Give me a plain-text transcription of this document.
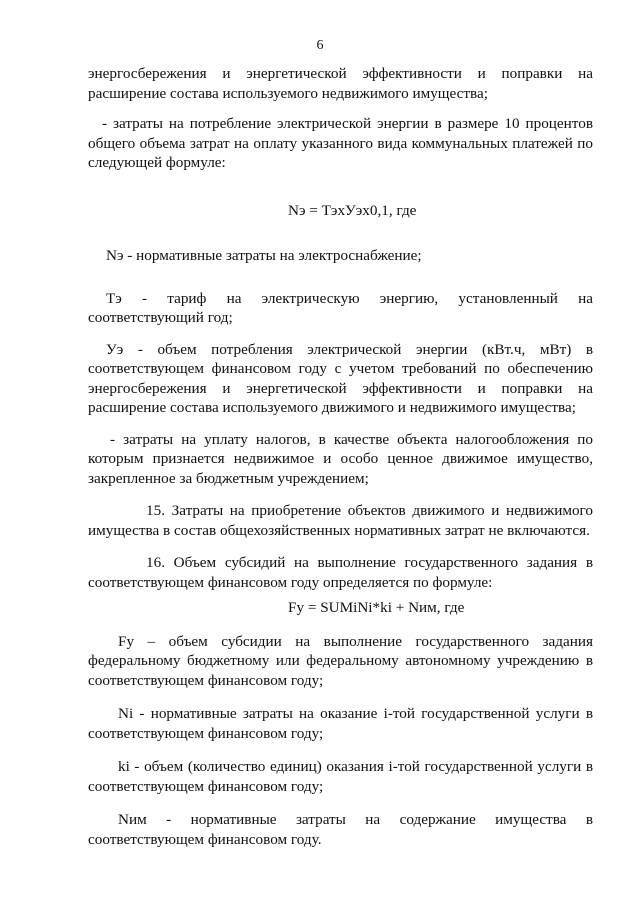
6

энергосбережения и энергетической эффективности и поправки на расширение состава используемого недвижимого имущества;

- затраты на потребление электрической энергии в размере 10 процентов общего объема затрат на оплату указанного вида коммунальных платежей по следующей формуле:

Nэ = TэxУэx0,1, где

Nэ - нормативные затраты на электроснабжение;

Tэ - тариф на электрическую энергию, установленный на соответствующий год;

Уэ - объем потребления электрической энергии (кВт.ч, мВт) в соответствующем финансовом году с учетом требований по обеспечению энергосбережения и энергетической эффективности и поправки на расширение состава используемого движимого и недвижимого имущества;

- затраты на уплату налогов, в качестве объекта налогообложения по которым признается недвижимое и особо ценное движимое имущество, закрепленное за бюджетным учреждением;

15. Затраты на приобретение объектов движимого и недвижимого имущества в состав общехозяйственных нормативных затрат не включаются.

16. Объем субсидий на выполнение государственного задания в соответствующем финансовом году определяется по формуле:

Fy = SUMiNi*ki + Nим, где

Fy – объем субсидии на выполнение государственного задания федеральному бюджетному или федеральному автономному учреждению в соответствующем финансовом году;

Ni - нормативные затраты на оказание i-той государственной услуги в соответствующем финансовом году;

ki - объем (количество единиц) оказания i-той государственной услуги в соответствующем финансовом году;

Nим - нормативные затраты на содержание имущества в соответствующем финансовом году.
